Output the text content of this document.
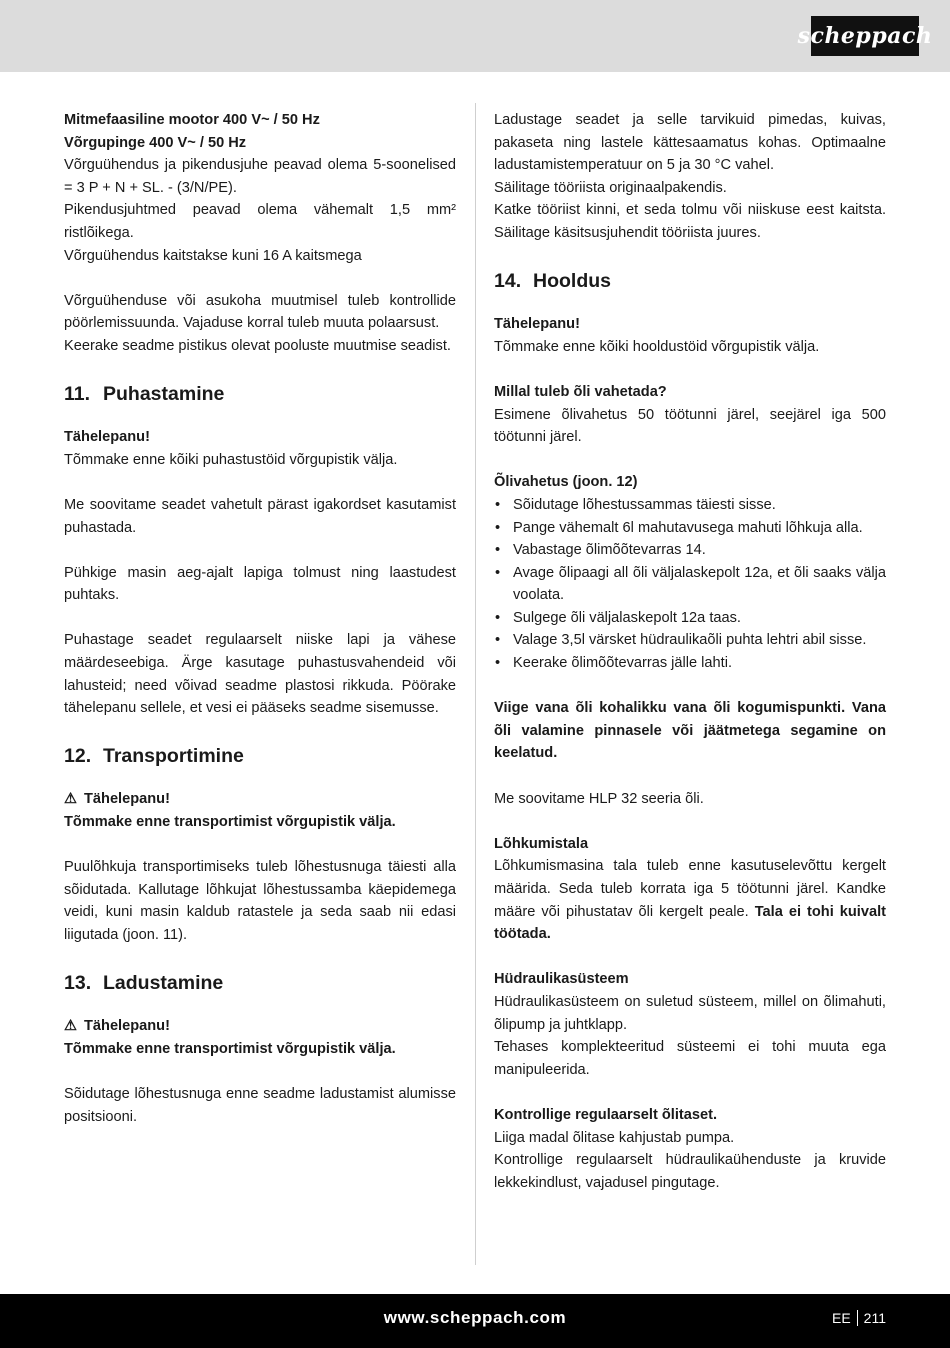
scheppach

Mitmefaasiline mootor 400 V~ / 50 Hz
Võrgupinge 400 V~ / 50 Hz
Võrguühendus ja pikendusjuhe peavad olema 5-soonelised = 3 P + N + SL. - (3/N/PE).
Pikendusjuhtmed peavad olema vähemalt 1,5 mm² ristlõikega.
Võrguühendus kaitstakse kuni 16 A kaitsmega

Võrguühenduse või asukoha muutmisel tuleb kontrollide pöörlemissuunda. Vajaduse korral tuleb muuta polaarsust.
Keerake seadme pistikus olevat pooluste muutmise seadist.

11. Puhastamine

Tähelepanu!
Tõmmake enne kõiki puhastustöid võrgupistik välja.

Me soovitame seadet vahetult pärast igakordset kasutamist puhastada.

Pühkige masin aeg-ajalt lapiga tolmust ning laastudest puhtaks.

Puhastage seadet regulaarselt niiske lapi ja vähese määrdeseebiga. Ärge kasutage puhastusvahendeid või lahusteid; need võivad seadme plastosi rikkuda. Pöörake tähelepanu sellele, et vesi ei pääseks seadme sisemusse.

12. Transportimine

⚠ Tähelepanu!
Tõmmake enne transportimist võrgupistik välja.

Puulõhkuja transportimiseks tuleb lõhestusnuga täiesti alla sõidutada. Kallutage lõhkujat lõhestussamba käepidemega veidi, kuni masin kaldub ratastele ja seda saab nii edasi liigutada (joon. 11).

13. Ladustamine

⚠ Tähelepanu!
Tõmmake enne transportimist võrgupistik välja.

Sõidutage lõhestusnuga enne seadme ladustamist alumisse positsiooni.

Ladustage seadet ja selle tarvikuid pimedas, kuivas, pakaseta ning lastele kättesaamatus kohas. Optimaalne ladustamistemperatuur on 5 ja 30 °C vahel.
Säilitage tööriista originaalpakendis.
Katke tööriist kinni, et seda tolmu või niiskuse eest kaitsta. Säilitage käsitsusjuhendit tööriista juures.

14. Hooldus

Tähelepanu!
Tõmmake enne kõiki hooldustöid võrgupistik välja.

Millal tuleb õli vahetada?
Esimene õlivahetus 50 töötunni järel, seejärel iga 500 töötunni järel.

Õlivahetus (joon. 12)
• Sõidutage lõhestussammas täiesti sisse.
• Pange vähemalt 6l mahutavusega mahuti lõhkuja alla.
• Vabastage õlimõõtevarras 14.
• Avage õlipaagi all õli väljalaskepolt 12a, et õli saaks välja voolata.
• Sulgege õli väljalaskepolt 12a taas.
• Valage 3,5l värsket hüdraulikaõli puhta lehtri abil sisse.
• Keerake õlimõõtevarras jälle lahti.

Viige vana õli kohalikku vana õli kogumispunkti. Vana õli valamine pinnasele või jäätmetega segamine on keelatud.

Me soovitame HLP 32 seeria õli.

Lõhkumistala
Lõhkumismasina tala tuleb enne kasutuselevõttu kergelt määrida. Seda tuleb korrata iga 5 töötunni järel. Kandke määre või pihustatav õli kergelt peale. Tala ei tohi kuivalt töötada.

Hüdraulikasüsteem
Hüdraulikasüsteem on suletud süsteem, millel on õlimahuti, õlipump ja juhtklapp.
Tehases komplekteeritud süsteemi ei tohi muuta ega manipuleerida.

Kontrollige regulaarselt õlitaset.
Liiga madal õlitase kahjustab pumpa.
Kontrollige regulaarselt hüdraulikaühenduste ja kruvide lekkekindlust, vajadusel pingutage.

www.scheppach.com	EE 211
